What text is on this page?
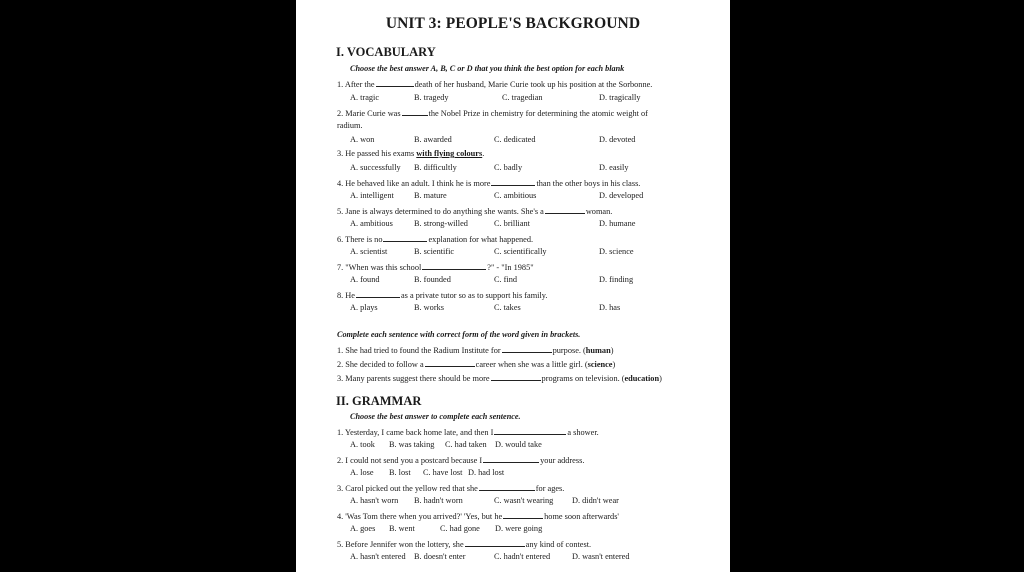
UNIT 3: PEOPLE'S BACKGROUND
I. VOCABULARY
Choose the best answer A, B, C or D that you think the best option for each blank
1. After the	death of her husband, Marie Curie took up his position at the Sorbonne.
A. tragic	B. tragedy	C. tragedian	D. tragically
2. Marie Curie was	the Nobel Prize in chemistry for determining the atomic weight of
radium.
A. won	B. awarded	C. dedicated	D. devoted
3. He passed his exams with flying colours.
A. successfully B. difficultly	C. badly	D. easily
4. He behaved like an adult. I think he is more	than the other boys in his class.
A. intelligent B. mature	C. ambitious	D. developed
5. Jane is always determined to do anything she wants. She's a	woman.
A. ambitious	B. strong-willed	C. brilliant	D. humane
6. There is no	explanation for what happened.
A. scientist	B. scientific	C. scientifically	D. science
7. "When was this school	?" - "In 1985"
A. found	B. founded	C. find	D. finding
8. He	as a private tutor so as to support his family.
A. plays	B. works	C. takes	D. has
Complete each sentence with correct form of the word given in brackets.
1. She had tried to found the Radium Institute for	purpose. (human)
2. She decided to follow a	career when she was a little girl. (science)
3. Many parents suggest there should be more	programs on television. (education)
II. GRAMMAR
Choose the best answer to complete each sentence.
1. Yesterday, I came back home late, and then I	a shower.
A. took B. was taking C. had taken D. would take
2. I could not send you a postcard because I	your address.
A. lose B. lost C. have lost D. had lost
3. Carol picked out the yellow red that she	for ages.
A. hasn't worn B. hadn't worn	C. wasn't wearing D. didn't wear
4. 'Was Tom there when you arrived?' 'Yes, but he	home soon afterwards'
A. goes B. went	C. had gone D. were going
5. Before Jennifer won the lottery, she	any kind of contest.
A. hasn't entered B. doesn't enter	C. hadn't entered	D. wasn't entered
